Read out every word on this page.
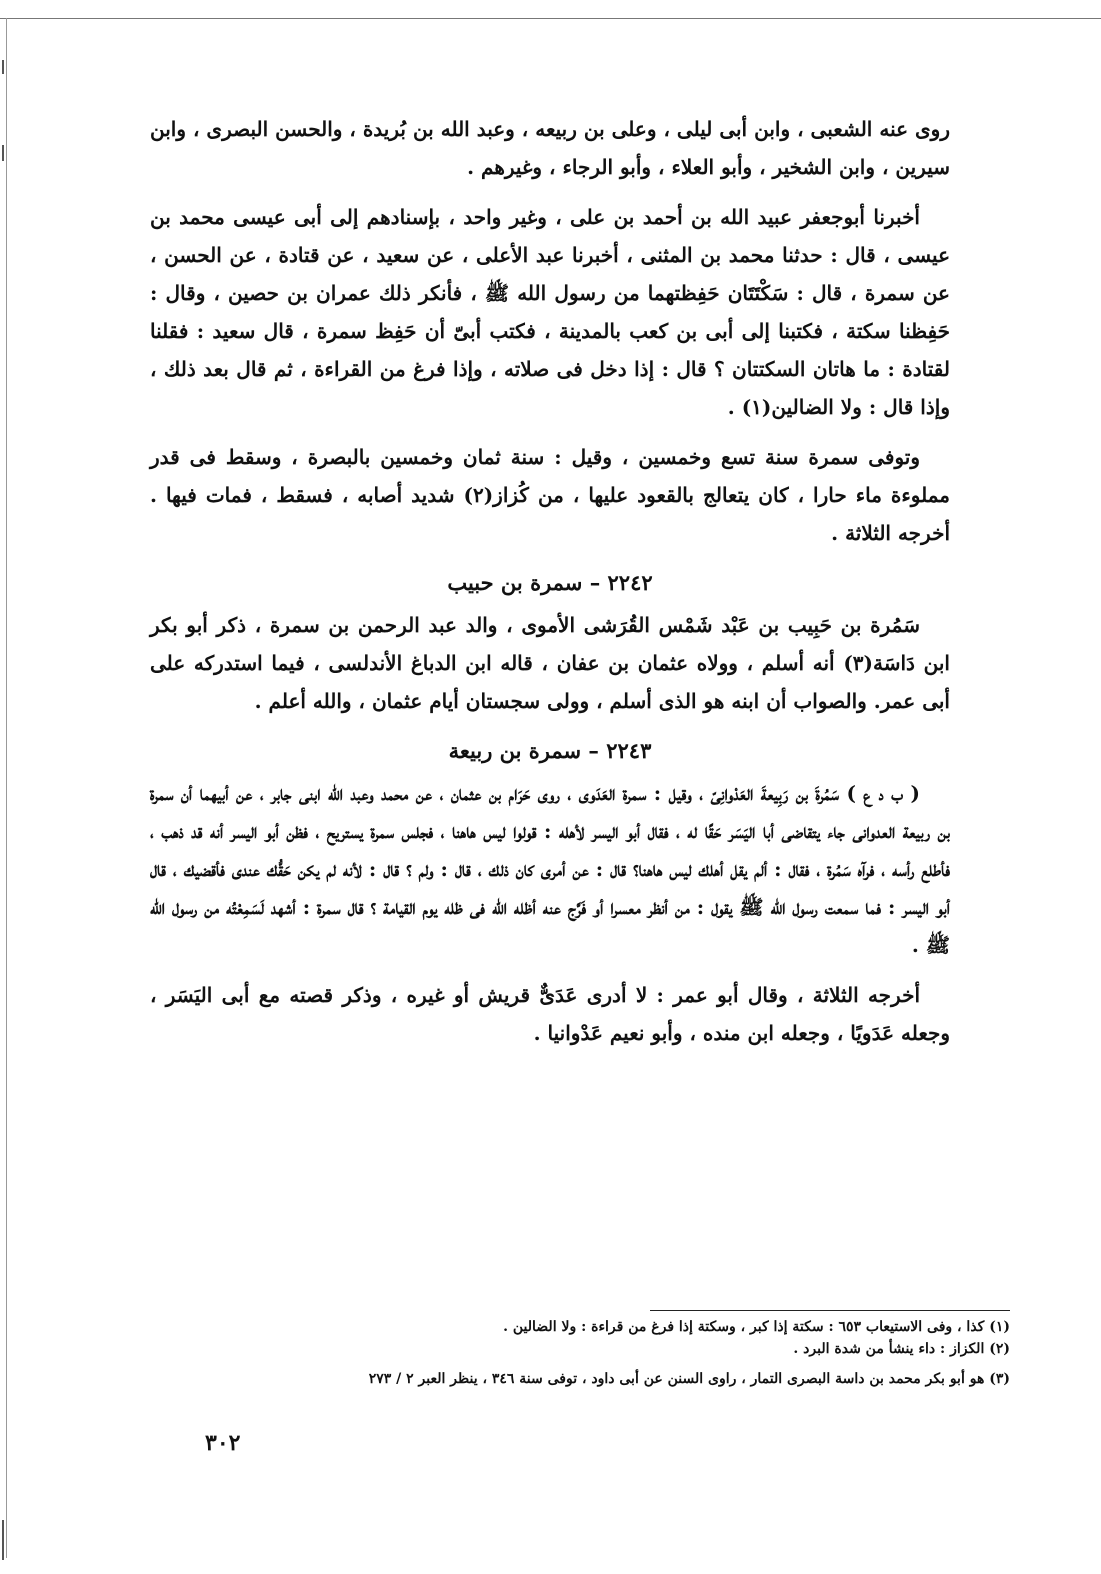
روى عنه الشعبى ، وابن أبى ليلى ، وعلى بن ربيعه ، وعبد الله بن بُريدة ، والحسن البصرى ، وابن سيرين ، وابن الشخير ، وأبو العلاء ، وأبو الرجاء ، وغيرهم .

أخبرنا أبوجعفر عبيد الله بن أحمد بن على ، وغير واحد ، بإسنادهم إلى أبى عيسى محمد بن عيسى ، قال : حدثنا محمد بن المثنى ، أخبرنا عبد الأعلى ، عن سعيد ، عن قتادة ، عن الحسن ، عن سمرة ، قال : سَكْتَتَان حَفِظتهما من رسول الله ﷺ ، فأنكر ذلك عمران بن حصين ، وقال : حَفِظنا سكتة ، فكتبنا إلى أبى بن كعب بالمدينة ، فكتب أبىّ أن حَفِظ سمرة ، قال سعيد : فقلنا لقتادة : ما هاتان السكتتان ؟ قال : إذا دخل فى صلاته ، وإذا فرغ من القراءة ، ثم قال بعد ذلك ، وإذا قال : ولا الضالين(١) .

وتوفى سمرة سنة تسع وخمسين ، وقيل : سنة ثمان وخمسين بالبصرة ، وسقط فى قدر مملوءة ماء حارا ، كان يتعالج بالقعود عليها ، من كُزاز(٢) شديد أصابه ، فسقط ، فمات فيها . أخرجه الثلاثة .

٢٢٤٢ – سمرة بن حبيب

سَمُرة بن حَبِيب بن عَبْد شَمْس القُرَشى الأموى ، والد عبد الرحمن بن سمرة ، ذكر أبو بكر ابن دَاسَة(٣) أنه أسلم ، وولاه عثمان بن عفان ، قاله ابن الدباغ الأندلسى ، فيما استدركه على أبى عمر. والصواب أن ابنه هو الذى أسلم ، وولى سجستان أيام عثمان ، والله أعلم .

٢٢٤٣ – سمرة بن ربيعة

( ب د ع ) سَمُرةَ بن رَبِيعةَ العَدْوانِىّ ، وقيل : سمرة العَدَوى ، روى حَرَام بن عثمان ، عن محمد وعبد الله ابنى جابر ، عن أبيهما أن سمرة بن ربيعة العدوانى جاء يتقاضى أبا اليَسَر حَقًا له ، فقال أبو اليسر لأهله : قولوا ليس هاهنا ، فجلس سمرة يستريح ، فظن أبو اليسر أنه قد ذهب ، فأطلع رأسه ، فرآه سَمُرة ، فقال : ألم يقل أهلك ليس هاهنا؟ قال : عن أمرى كان ذلك ، قال : ولم ؟ قال : لأنه لم يكن حَقُّك عندى فأقضيك ، قال أبو اليسر : فما سمعت رسول الله ﷺ يقول : من أنظر معسرا أو فَرَّج عنه أظله الله فى ظله يوم القيامة ؟ قال سمرة : أشهد لَسَمِعْتُه من رسول الله ﷺ .

أخرجه الثلاثة ، وقال أبو عمر : لا أدرى عَدَىٌّ قريش أو غيره ، وذكر قصته مع أبى اليَسَر ، وجعله عَدَويًا ، وجعله ابن منده ، وأبو نعيم عَدْوانيا .

(١) كذا ، وفى الاستيعاب ٦٥٣ : سكتة إذا كبر ، وسكتة إذا فرغ من قراءة : ولا الضالين .

(٢) الكزاز : داء ينشأ من شدة البرد .

(٣) هو أبو بكر محمد بن داسة البصرى التمار ، راوى السنن عن أبى داود ، توفى سنة ٣٤٦ ، ينظر العبر ٢ / ٢٧٣

٣٠٢
